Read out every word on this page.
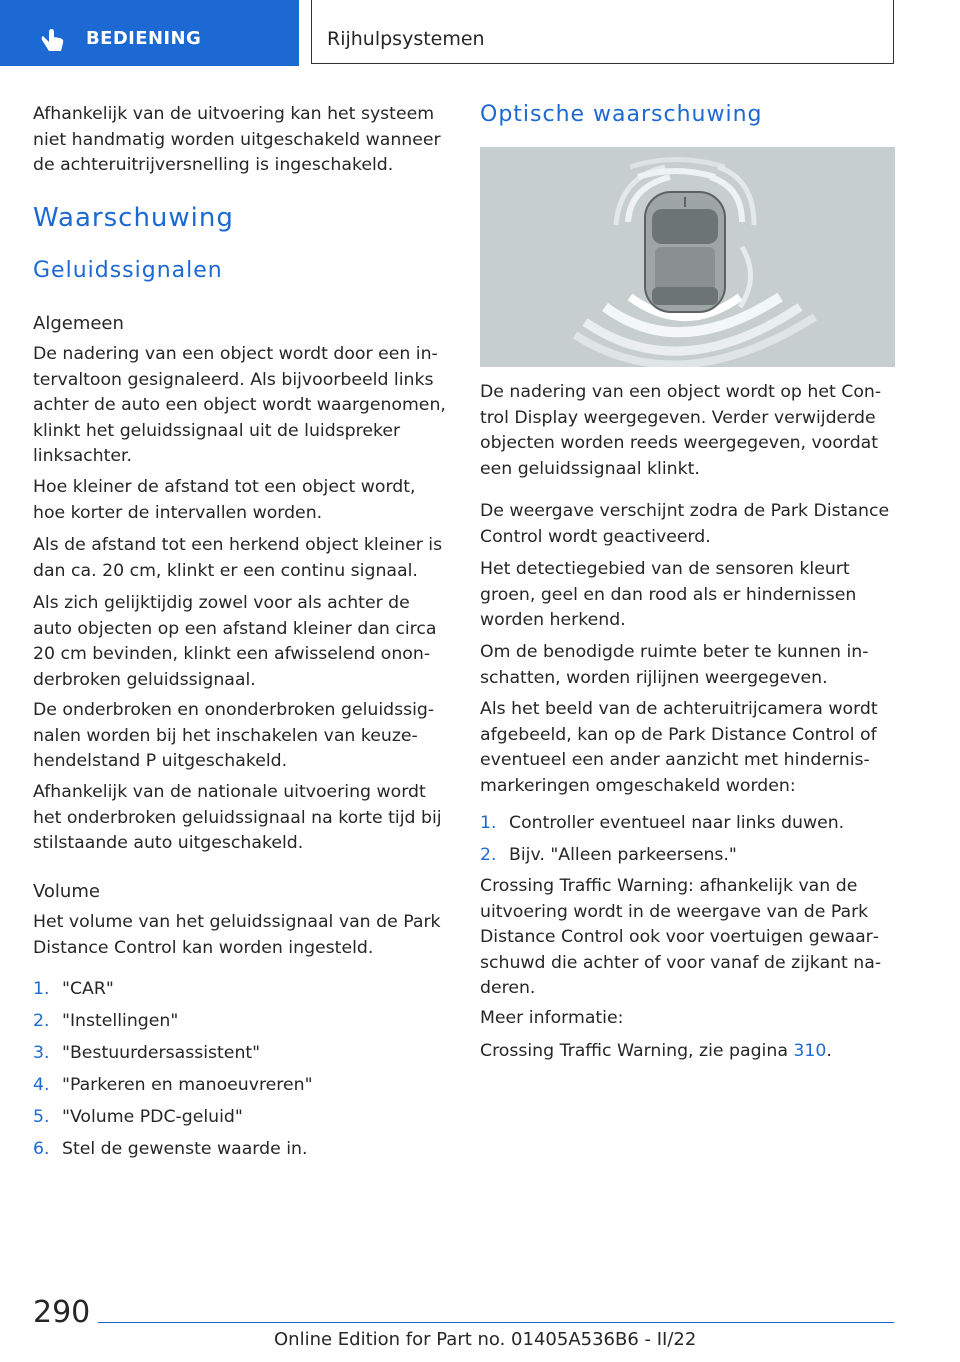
BEDIENING	Rijhulpsystemen

Afhankelijk van de uitvoering kan het systeem niet handmatig worden uitgeschakeld wanneer de achteruitrijversnelling is ingeschakeld.

Waarschuwing
Geluidssignalen
Algemeen

De nadering van een object wordt door een intervaltoon gesignaleerd. Als bijvoorbeeld links achter de auto een object wordt waargenomen, klinkt het geluidssignaal uit de luidspreker linksachter.

Hoe kleiner de afstand tot een object wordt, hoe korter de intervallen worden.

Als de afstand tot een herkend object kleiner is dan ca. 20 cm, klinkt er een continu signaal.

Als zich gelijktijdig zowel voor als achter de auto objecten op een afstand kleiner dan circa 20 cm bevinden, klinkt een afwisselend ononderbroken geluidssignaal.

De onderbroken en ononderbroken geluidssignalen worden bij het inschakelen van keuzehendelstand P uitgeschakeld.

Afhankelijk van de nationale uitvoering wordt het onderbroken geluidssignaal na korte tijd bij stilstaande auto uitgeschakeld.

Volume

Het volume van het geluidssignaal van de Park Distance Control kan worden ingesteld.

1. "CAR"
2. "Instellingen"
3. "Bestuurdersassistent"
4. "Parkeren en manoeuvreren"
5. "Volume PDC-geluid"
6. Stel de gewenste waarde in.
Optische waarschuwing

De nadering van een object wordt op het Control Display weergegeven. Verder verwijderde objecten worden reeds weergegeven, voordat een geluidssignaal klinkt.

De weergave verschijnt zodra de Park Distance Control wordt geactiveerd.

Het detectiegebied van de sensoren kleurt groen, geel en dan rood als er hindernissen worden herkend.

Om de benodigde ruimte beter te kunnen inschatten, worden rijlijnen weergegeven.

Als het beeld van de achteruitrijcamera wordt afgebeeld, kan op de Park Distance Control of eventueel een ander aanzicht met hindernismarkeringen omgeschakeld worden:

1. Controller eventueel naar links duwen.
2. Bijv. "Alleen parkeersens."

Crossing Traffic Warning: afhankelijk van de uitvoering wordt in de weergave van de Park Distance Control ook voor voertuigen gewaarschuwd die achter of voor vanaf de zijkant naderen.

Meer informatie:

Crossing Traffic Warning, zie pagina 310.

290
Online Edition for Part no. 01405A536B6 - II/22
